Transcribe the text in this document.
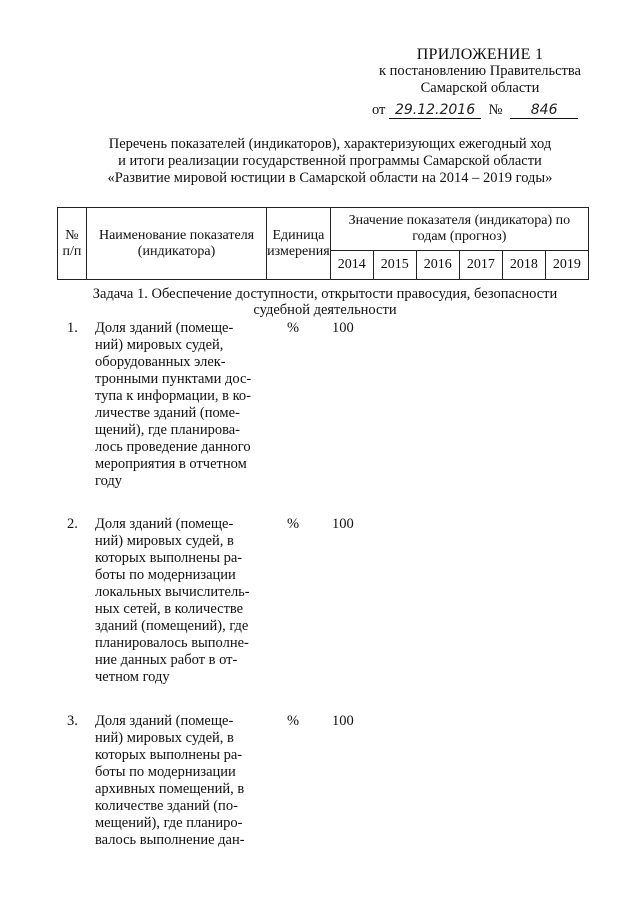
ПРИЛОЖЕНИЕ 1
к постановлению Правительства
Самарской области
от 29.12.2016 № 846
Перечень показателей (индикаторов), характеризующих ежегодный ход
и итоги реализации государственной программы Самарской области
«Развитие мировой юстиции в Самарской области на 2014 – 2019 годы»
№ п/п	Наименование показателя (индикатора)	Единица измерения	Значение показателя (индикатора) по годам (прогноз)					
			2014	2015	2016	2017	2018	2019
Задача 1. Обеспечение доступности, открытости правосудия, безопасности
судебной деятельности
1. Доля зданий (помеще-
ний) мировых судей,
оборудованных элек-
тронными пунктами дос-
тупа к информации, в ко-
личестве зданий (поме-
щений), где планирова-
лось проведение данного
мероприятия в отчетном
году
% 100
2. Доля зданий (помеще-
ний) мировых судей, в
которых выполнены ра-
боты по модернизации
локальных вычислитель-
ных сетей, в количестве
зданий (помещений), где
планировалось выполне-
ние данных работ в от-
четном году
% 100
3. Доля зданий (помеще-
ний) мировых судей, в
которых выполнены ра-
боты по модернизации
архивных помещений, в
количестве зданий (по-
мещений), где планиро-
валось выполнение дан-
% 100
